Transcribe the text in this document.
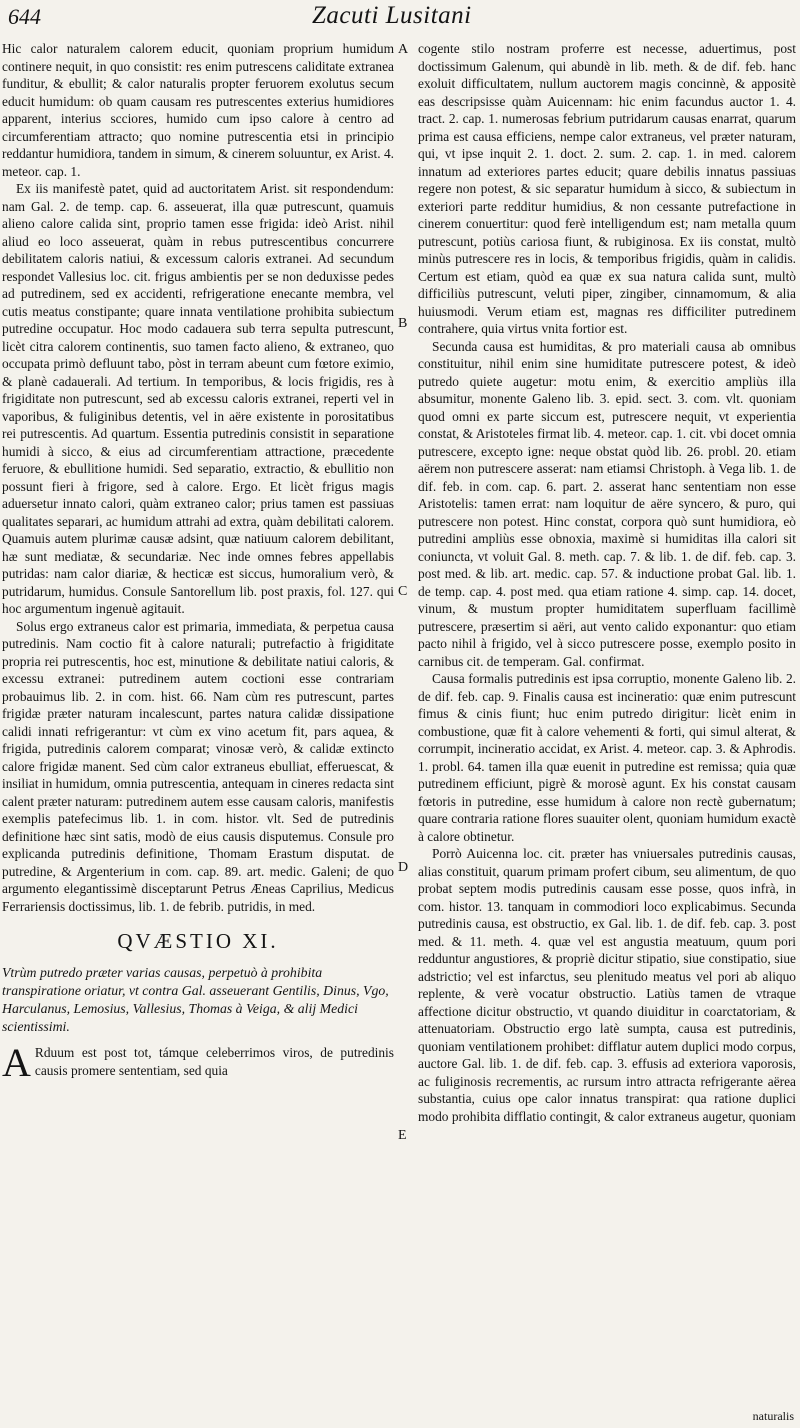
644	Zacuti Lusitani

Hic calor naturalem calorem educit, quoniam proprium humidum continere nequit, in quo consistit: res enim putrescens caliditate extranea funditur, & ebullit; & calor naturalis propter feruorem exolutus secum educit humidum: ob quam causam res putrescentes exterius humidiores apparent, interius scciores, humido cum ipso calore à centro ad circumferentiam attracto; quo nomine putrescentia etsi in principio reddantur humidiora, tandem in simum, & cinerem soluuntur, ex Arist. 4. meteor. cap. 1.

Ex iis manifestè patet, quid ad auctoritatem Arist. sit respondendum: nam Gal. 2. de temp. cap. 6. asseuerat, illa quæ putrescunt, quamuis alieno calore calida sint, proprio tamen esse frigida: ideò Arist. nihil aliud eo loco asseuerat, quàm in rebus putrescentibus concurrere debilitatem caloris natiui, & excessum caloris extranei. Ad secundum respondet Vallesius loc. cit. frigus ambientis per se non deduxisse pedes ad putredinem, sed ex accidenti, refrigeratione enecante membra, vel cutis meatus constipante; quare innata ventilatione prohibita subiectum putredine occupatur. Hoc modo cadauera sub terra sepulta putrescunt, licèt citra calorem continentis, suo tamen facto alieno, & extraneo, quo occupata primò defluunt tabo, pòst in terram abeunt cum fœtore eximio, & planè cadauerali. Ad tertium. In temporibus, & locis frigidis, res à frigiditate non putrescunt, sed ab excessu caloris extranei, reperti vel in vaporibus, & fuliginibus detentis, vel in aëre existente in porositatibus rei putrescentis. Ad quartum. Essentia putredinis consistit in separatione humidi à sicco, & eius ad circumferentiam attractione, præcedente feruore, & ebullitione humidi. Sed separatio, extractio, & ebullitio non possunt fieri à frigore, sed à calore. Ergo. Et licèt frigus magis aduersetur innato calori, quàm extraneo calor; prius tamen est passiuas qualitates separari, ac humidum attrahi ad extra, quàm debilitati calorem. Quamuis autem plurimæ causæ adsint, quæ natiuum calorem debilitant, hæ sunt mediatæ, & secundariæ. Nec inde omnes febres appellabis putridas: nam calor diariæ, & hecticæ est siccus, humoralium verò, & putridarum, humidus. Consule Santorellum lib. post praxis, fol. 127. qui hoc argumentum ingenuè agitauit.

Solus ergo extraneus calor est primaria, immediata, & perpetua causa putredinis. Nam coctio fit à calore naturali; putrefactio à frigiditate propria rei putrescentis, hoc est, minutione & debilitate natiui caloris, & excessu extranei: putredinem autem coctioni esse contrariam probauimus lib. 2. in com. hist. 66. Nam cùm res putrescunt, partes frigidæ præter naturam incalescunt, partes natura calidæ dissipatione calidi innati refrigerantur: vt cùm ex vino acetum fit, pars aquea, & frigida, putredinis calorem comparat; vinosæ verò, & calidæ extincto calore frigidæ manent. Sed cùm calor extraneus ebulliat, efferuescat, & insiliat in humidum, omnia putrescentia, antequam in cineres redacta sint calent præter naturam: putredinem autem esse causam caloris, manifestis exemplis patefecimus lib. 1. in com. histor. vlt. Sed de putredinis definitione hæc sint satis, modò de eius causis disputemus. Consule pro explicanda putredinis definitione, Thomam Erastum disputat. de putredine, & Argenterium in com. cap. 89. art. medic. Galeni; de quo argumento elegantissimè disceptarunt Petrus Æneas Caprilius, Medicus Ferrariensis doctissimus, lib. 1. de febrib. putridis, in med.

QVÆSTIO XI.

Vtrùm putredo præter varias causas, perpetuò à prohibita transpiratione oriatur, vt contra Gal. asseuerant Gentilis, Dinus, Vgo, Harculanus, Lemosius, Vallesius, Thomas à Veiga, & alij Medici scientissimi.

A Rduum est post tot, támque celeberrimos viros, de putredinis causis promere sententiam, sed quia

A
B
C
D
E

cogente stilo nostram proferre est necesse, aduertimus, post doctissimum Galenum, qui abundè in lib. meth. & de dif. feb. hanc exoluit difficultatem, nullum auctorem magis concinnè, & appositè eas descripsisse quàm Auicennam: hic enim facundus auctor 1. 4. tract. 2. cap. 1. numerosas febrium putridarum causas enarrat, quarum prima est causa efficiens, nempe calor extraneus, vel præter naturam, qui, vt ipse inquit 2. 1. doct. 2. sum. 2. cap. 1. in med. calorem innatum ad exteriores partes educit; quare debilis innatus passiuas regere non potest, & sic separatur humidum à sicco, & subiectum in exteriori parte redditur humidius, & non cessante putrefactione in cinerem conuertitur: quod ferè intelligendum est; nam metalla quum putrescunt, potiùs cariosa fiunt, & rubiginosa. Ex iis constat, multò minùs putrescere res in locis, & temporibus frigidis, quàm in calidis. Certum est etiam, quòd ea quæ ex sua natura calida sunt, multò difficiliùs putrescunt, veluti piper, zingiber, cinnamomum, & alia huiusmodi. Verum etiam est, magnas res difficiliter putredinem contrahere, quia virtus vnita fortior est.

Secunda causa est humiditas, & pro materiali causa ab omnibus constituitur, nihil enim sine humiditate putrescere potest, & ideò putredo quiete augetur: motu enim, & exercitio ampliùs illa absumitur, monente Galeno lib. 3. epid. sect. 3. com. vlt. quoniam quod omni ex parte siccum est, putrescere nequit, vt experientia constat, & Aristoteles firmat lib. 4. meteor. cap. 1. cit. vbi docet omnia putrescere, excepto igne: neque obstat quòd lib. 26. probl. 20. etiam aërem non putrescere asserat: nam etiamsi Christoph. à Vega lib. 1. de dif. feb. in com. cap. 6. part. 2. asserat hanc sententiam non esse Aristotelis: tamen errat: nam loquitur de aëre syncero, & puro, qui putrescere non potest. Hinc constat, corpora quò sunt humidiora, eò putredini ampliùs esse obnoxia, maximè si humiditas illa calori sit coniuncta, vt voluit Gal. 8. meth. cap. 7. & lib. 1. de dif. feb. cap. 3. post med. & lib. art. medic. cap. 57. & inductione probat Gal. lib. 1. de temp. cap. 4. post med. qua etiam ratione 4. simp. cap. 14. docet, vinum, & mustum propter humiditatem superfluam facillimè putrescere, præsertim si aëri, aut vento calido exponantur: quo etiam pacto nihil à frigido, vel à sicco putrescere posse, exemplo posito in carnibus cit. de temperam. Gal. confirmat.

Causa formalis putredinis est ipsa corruptio, monente Galeno lib. 2. de dif. feb. cap. 9. Finalis causa est incineratio: quæ enim putrescunt fimus & cinis fiunt; huc enim putredo dirigitur: licèt enim in combustione, quæ fit à calore vehementi & forti, qui simul alterat, & corrumpit, incineratio accidat, ex Arist. 4. meteor. cap. 3. & Aphrodis. 1. probl. 64. tamen illa quæ euenit in putredine est remissa; quia quæ putredinem efficiunt, pigrè & morosè agunt. Ex his constat causam fœtoris in putredine, esse humidum à calore non rectè gubernatum; quare contraria ratione flores suauiter olent, quoniam humidum exactè à calore obtinetur.

Porrò Auicenna loc. cit. præter has vniuersales putredinis causas, alias constituit, quarum primam profert cibum, seu alimentum, de quo probat septem modis putredinis causam esse posse, quos infrà, in com. histor. 13. tanquam in commodiori loco explicabimus. Secunda putredinis causa, est obstructio, ex Gal. lib. 1. de dif. feb. cap. 3. post med. & 11. meth. 4. quæ vel est angustia meatuum, quum pori redduntur angustiores, & propriè dicitur stipatio, siue constipatio, siue adstrictio; vel est infarctus, seu plenitudo meatus vel pori ab aliquo replente, & verè vocatur obstructio. Latiùs tamen de vtraque affectione dicitur obstructio, vt quando diuiditur in coarctatoriam, & attenuatoriam. Obstructio ergo latè sumpta, causa est putredinis, quoniam ventilationem prohibet: difflatur autem duplici modo corpus, auctore Gal. lib. 1. de dif. feb. cap. 3. effusis ad exteriora vaporosis, ac fuliginosis recrementis, ac rursum intro attracta refrigerante aërea substantia, cuius ope calor innatus transpirat: qua ratione duplici modo prohibita difflatio contingit, & calor extraneus augetur, quoniam

naturalis
